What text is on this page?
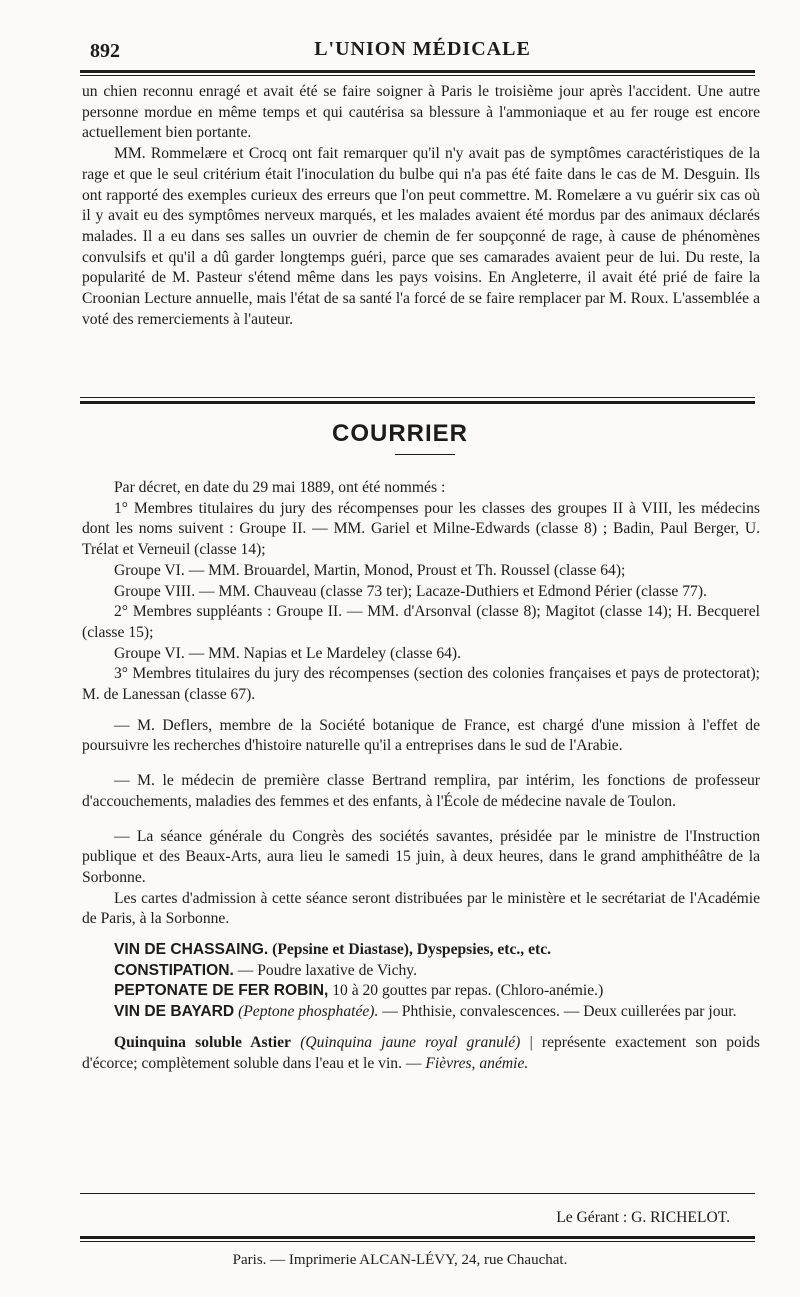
892	L'UNION MÉDICALE

un chien reconnu enragé et avait été se faire soigner à Paris le troisième jour après l'accident. Une autre personne mordue en même temps et qui cautérisa sa blessure à l'ammoniaque et au fer rouge est encore actuellement bien portante.

MM. Rommelære et Crocq ont fait remarquer qu'il n'y avait pas de symptômes caractéristiques de la rage et que le seul critérium était l'inoculation du bulbe qui n'a pas été faite dans le cas de M. Desguin. Ils ont rapporté des exemples curieux des erreurs que l'on peut commettre. M. Romelære a vu guérir six cas où il y avait eu des symptômes nerveux marqués, et les malades avaient été mordus par des animaux déclarés malades. Il a eu dans ses salles un ouvrier de chemin de fer soupçonné de rage, à cause de phénomènes convulsifs et qu'il a dû garder longtemps guéri, parce que ses camarades avaient peur de lui. Du reste, la popularité de M. Pasteur s'étend même dans les pays voisins. En Angleterre, il avait été prié de faire la Croonian Lecture annuelle, mais l'état de sa santé l'a forcé de se faire remplacer par M. Roux. L'assemblée a voté des remerciements à l'auteur.

COURRIER

Par décret, en date du 29 mai 1889, ont été nommés :

1° Membres titulaires du jury des récompenses pour les classes des groupes II à VIII, les médecins dont les noms suivent : Groupe II. — MM. Gariel et Milne-Edwards (classe 8) ; Badin, Paul Berger, U. Trélat et Verneuil (classe 14);

Groupe VI. — MM. Brouardel, Martin, Monod, Proust et Th. Roussel (classe 64);

Groupe VIII. — MM. Chauveau (classe 73 ter); Lacaze-Duthiers et Edmond Périer (classe 77).

2° Membres suppléants : Groupe II. — MM. d'Arsonval (classe 8); Magitot (classe 14); H. Becquerel (classe 15);

Groupe VI. — MM. Napias et Le Mardeley (classe 64).

3° Membres titulaires du jury des récompenses (section des colonies françaises et pays de protectorat); M. de Lanessan (classe 67).

— M. Deflers, membre de la Société botanique de France, est chargé d'une mission à l'effet de poursuivre les recherches d'histoire naturelle qu'il a entreprises dans le sud de l'Arabie.

— M. le médecin de première classe Bertrand remplira, par intérim, les fonctions de professeur d'accouchements, maladies des femmes et des enfants, à l'École de médecine navale de Toulon.

— La séance générale du Congrès des sociétés savantes, présidée par le ministre de l'Instruction publique et des Beaux-Arts, aura lieu le samedi 15 juin, à deux heures, dans le grand amphithéâtre de la Sorbonne.

Les cartes d'admission à cette séance seront distribuées par le ministère et le secrétariat de l'Académie de Paris, à la Sorbonne.

VIN DE CHASSAING. (Pepsine et Diastase), Dyspepsies, etc., etc.

CONSTIPATION. — Poudre laxative de Vichy.

PEPTONATE DE FER ROBIN, 10 à 20 gouttes par repas. (Chloro-anémie.)

VIN DE BAYARD (Peptone phosphatée). — Phthisie, convalescences. — Deux cuillerées par jour.

Quinquina soluble Astier (Quinquina jaune royal granulé) | représente exactement son poids d'écorce; complètement soluble dans l'eau et le vin. — Fièvres, anémie.

Le Gérant : G. RICHELOT.
Paris. — Imprimerie ALCAN-LÉVY, 24, rue Chauchat.
